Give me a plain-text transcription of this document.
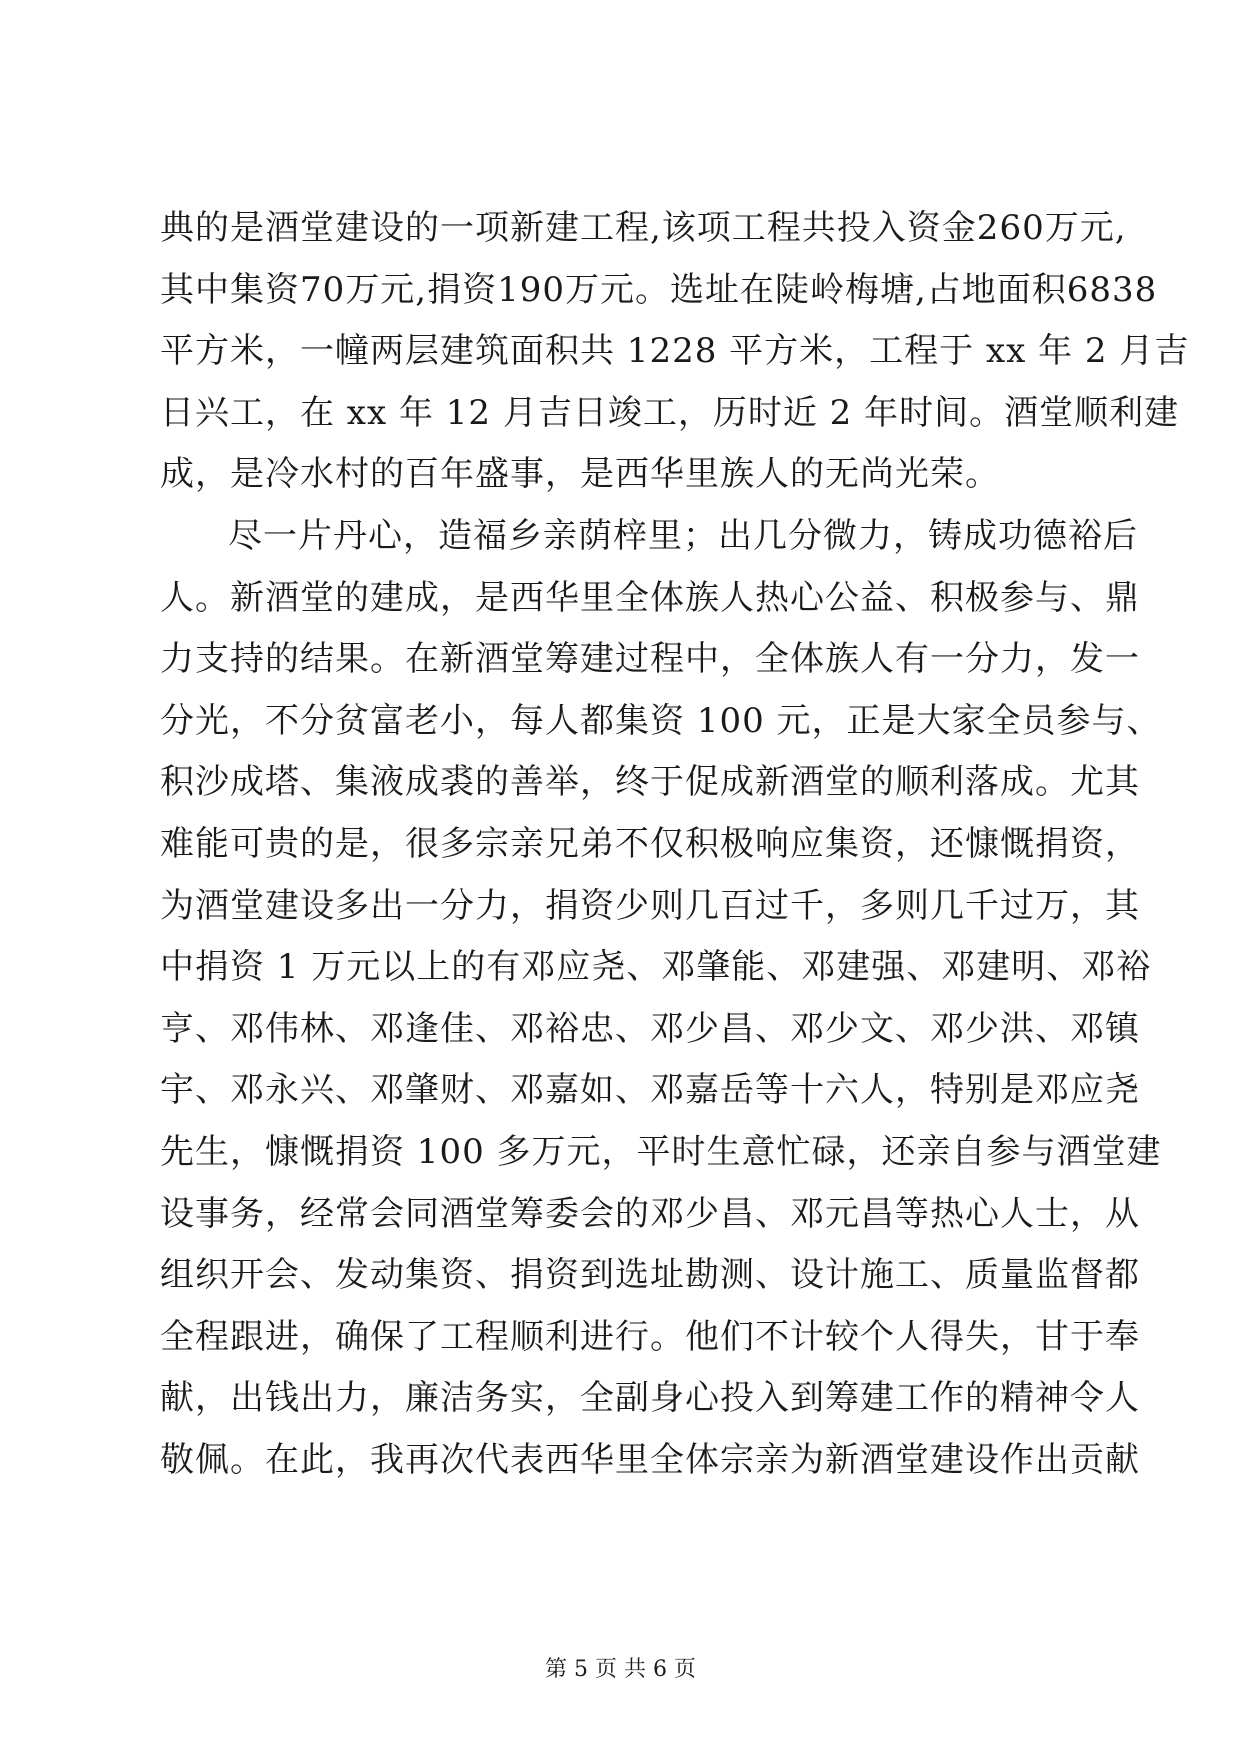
典的是酒堂建设的一项新建工程,该项工程共投入资金260万元,
其中集资70万元,捐资190万元。选址在陡岭梅塘,占地面积6838
平方米，一幢两层建筑面积共 1228 平方米，工程于 xx 年 2 月吉
日兴工，在 xx 年 12 月吉日竣工，历时近 2 年时间。酒堂顺利建
成，是冷水村的百年盛事，是西华里族人的无尚光荣。
尽一片丹心，造福乡亲荫梓里；出几分微力，铸成功德裕后
人。新酒堂的建成，是西华里全体族人热心公益、积极参与、鼎
力支持的结果。在新酒堂筹建过程中，全体族人有一分力，发一
分光，不分贫富老小，每人都集资 100 元，正是大家全员参与、
积沙成塔、集液成裘的善举，终于促成新酒堂的顺利落成。尤其
难能可贵的是，很多宗亲兄弟不仅积极响应集资，还慷慨捐资，
为酒堂建设多出一分力，捐资少则几百过千，多则几千过万，其
中捐资 1 万元以上的有邓应尧、邓肇能、邓建强、邓建明、邓裕
亨、邓伟林、邓逢佳、邓裕忠、邓少昌、邓少文、邓少洪、邓镇
宇、邓永兴、邓肇财、邓嘉如、邓嘉岳等十六人，特别是邓应尧
先生，慷慨捐资 100 多万元，平时生意忙碌，还亲自参与酒堂建
设事务，经常会同酒堂筹委会的邓少昌、邓元昌等热心人士，从
组织开会、发动集资、捐资到选址勘测、设计施工、质量监督都
全程跟进，确保了工程顺利进行。他们不计较个人得失，甘于奉
献，出钱出力，廉洁务实，全副身心投入到筹建工作的精神令人
敬佩。在此，我再次代表西华里全体宗亲为新酒堂建设作出贡献
第 5 页 共 6 页
